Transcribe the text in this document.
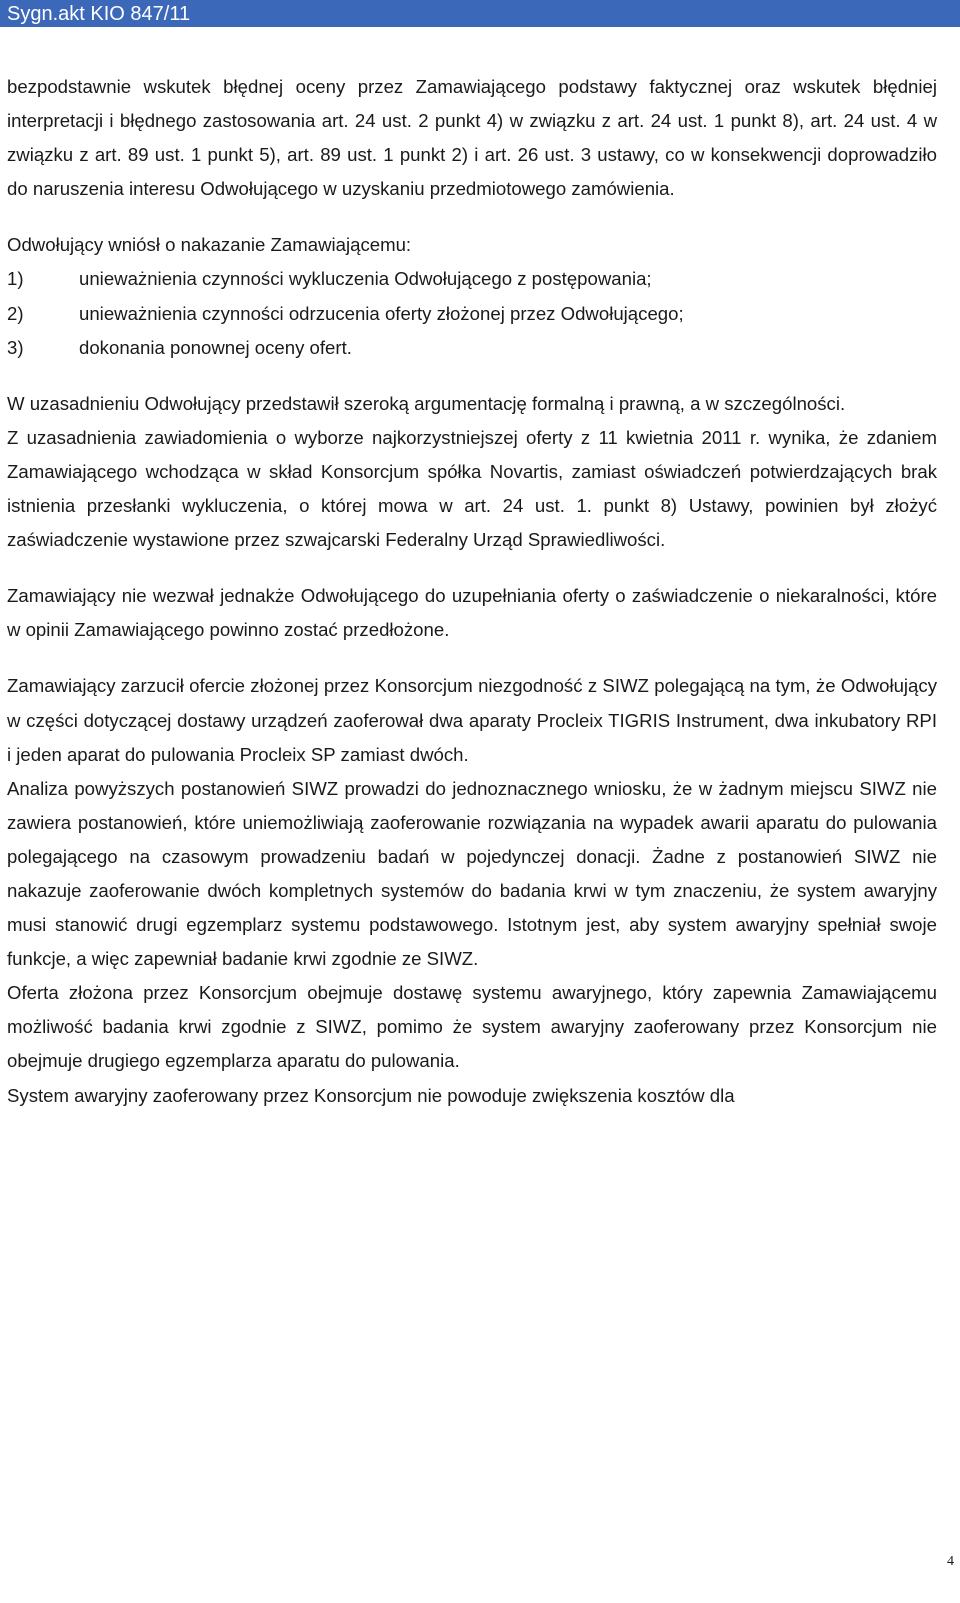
Sygn.akt KIO 847/11
bezpodstawnie wskutek błędnej oceny przez Zamawiającego podstawy faktycznej oraz wskutek błędniej interpretacji i błędnego zastosowania art. 24 ust. 2 punkt 4) w związku z art. 24 ust. 1 punkt 8), art. 24 ust. 4 w związku z art. 89 ust. 1 punkt 5), art. 89 ust. 1 punkt 2) i art. 26 ust. 3 ustawy, co w konsekwencji doprowadziło do naruszenia interesu Odwołującego w uzyskaniu przedmiotowego zamówienia.
Odwołujący wniósł o nakazanie Zamawiającemu:
1)	unieważnienia czynności wykluczenia Odwołującego z postępowania;
2)	unieważnienia czynności odrzucenia oferty złożonej przez Odwołującego;
3)	dokonania ponownej oceny ofert.
W uzasadnieniu Odwołujący przedstawił szeroką argumentację formalną i prawną, a w szczególności.
Z uzasadnienia zawiadomienia o wyborze najkorzystniejszej oferty z 11 kwietnia 2011 r. wynika, że zdaniem Zamawiającego wchodząca w skład Konsorcjum spółka Novartis, zamiast oświadczeń potwierdzających brak istnienia przesłanki wykluczenia, o której mowa w art. 24 ust. 1. punkt 8) Ustawy, powinien był złożyć zaświadczenie wystawione przez szwajcarski Federalny Urząd Sprawiedliwości.
Zamawiający nie wezwał jednakże Odwołującego do uzupełniania oferty o zaświadczenie o niekaralności, które w opinii Zamawiającego powinno zostać przedłożone.
Zamawiający zarzucił ofercie złożonej przez Konsorcjum niezgodność z SIWZ polegającą na tym, że Odwołujący w części dotyczącej dostawy urządzeń zaoferował dwa aparaty Procleix TIGRIS Instrument, dwa inkubatory RPI i jeden aparat do pulowania Procleix SP zamiast dwóch.
Analiza powyższych postanowień SIWZ prowadzi do jednoznacznego wniosku, że w żadnym miejscu SIWZ nie zawiera postanowień, które uniemożliwiają zaoferowanie rozwiązania na wypadek awarii aparatu do pulowania polegającego na czasowym prowadzeniu badań w pojedynczej donacji. Żadne z postanowień SIWZ nie nakazuje zaoferowanie dwóch kompletnych systemów do badania krwi w tym znaczeniu, że system awaryjny musi stanowić drugi egzemplarz systemu podstawowego. Istotnym jest, aby system awaryjny spełniał swoje funkcje, a więc zapewniał badanie krwi zgodnie ze SIWZ.
Oferta złożona przez Konsorcjum obejmuje dostawę systemu awaryjnego, który zapewnia Zamawiającemu możliwość badania krwi zgodnie z SIWZ, pomimo że system awaryjny zaoferowany przez Konsorcjum nie obejmuje drugiego egzemplarza aparatu do pulowania.
System awaryjny zaoferowany przez Konsorcjum nie powoduje zwiększenia kosztów dla
4
